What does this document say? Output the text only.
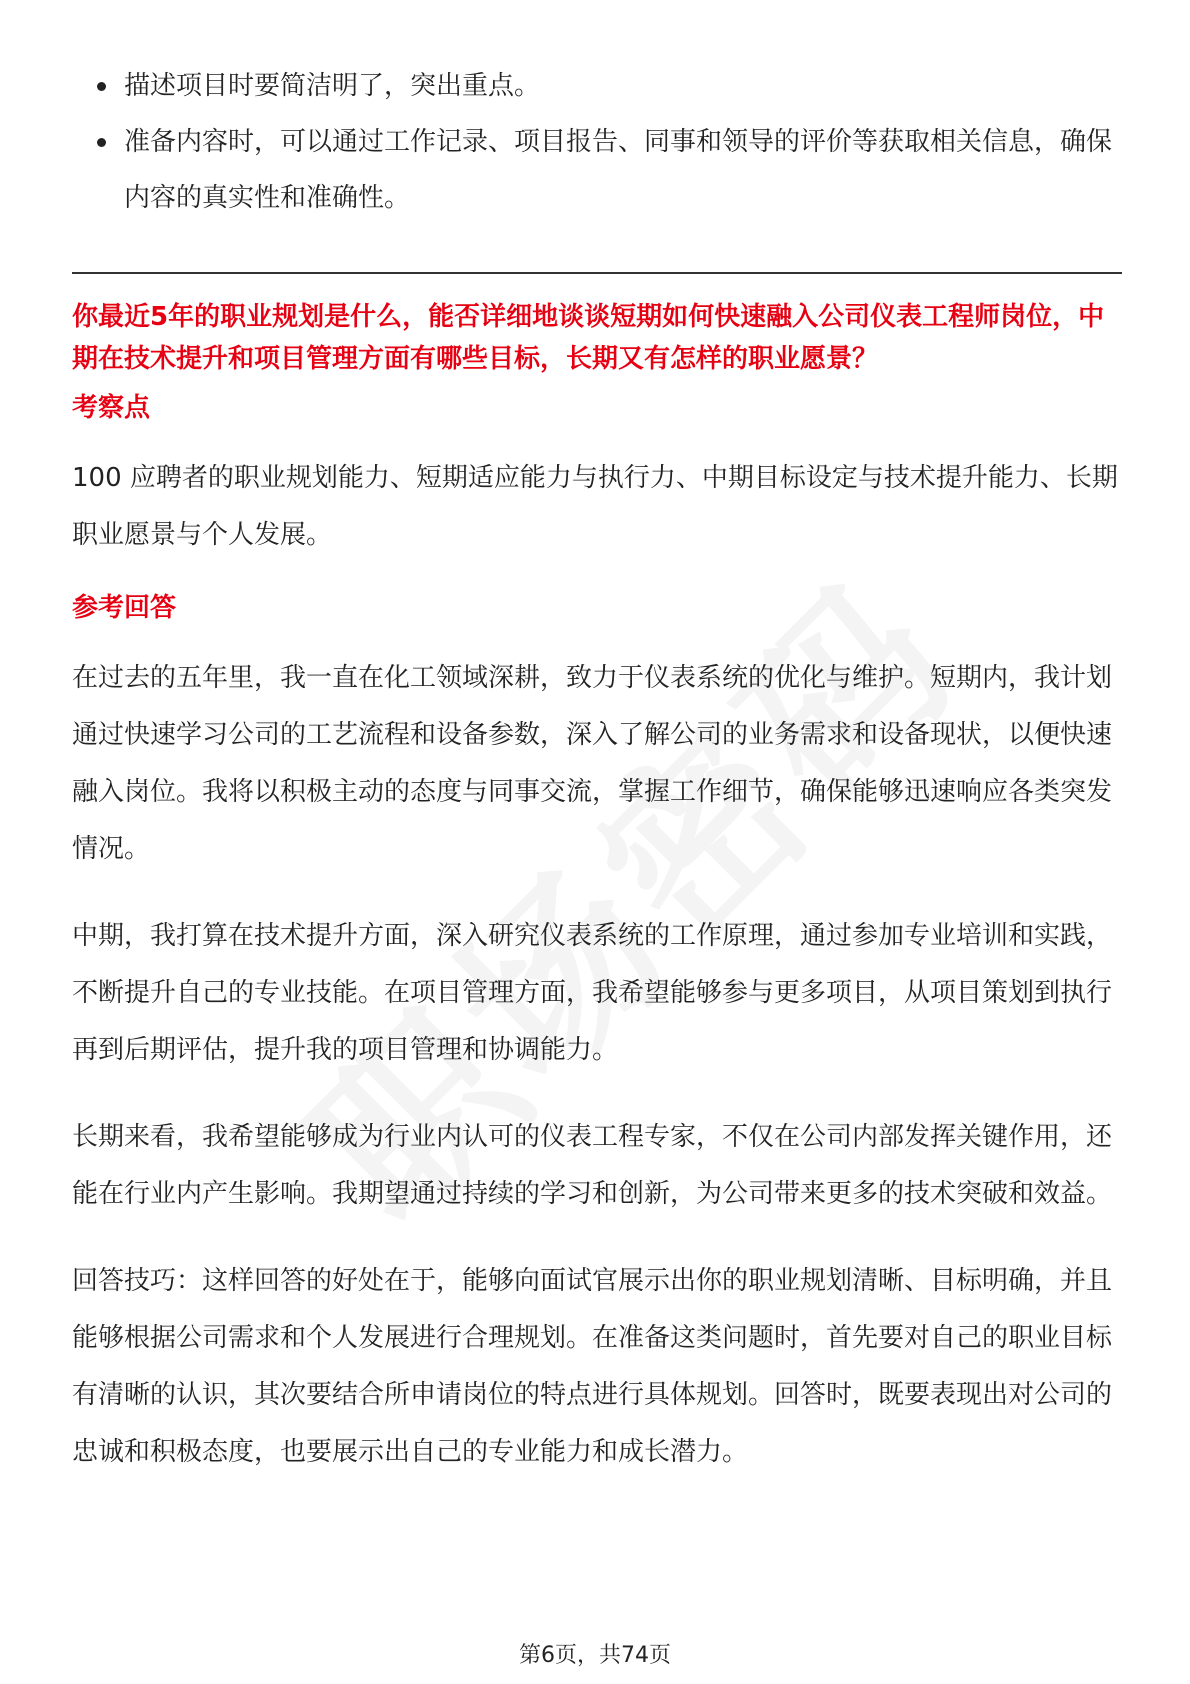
描述项目时要简洁明了，突出重点。
准备内容时，可以通过工作记录、项目报告、同事和领导的评价等获取相关信息，确保内容的真实性和准确性。

你最近5年的职业规划是什么，能否详细地谈谈短期如何快速融入公司仪表工程师岗位，中期在技术提升和项目管理方面有哪些目标，长期又有怎样的职业愿景？

考察点

100 应聘者的职业规划能力、短期适应能力与执行力、中期目标设定与技术提升能力、长期职业愿景与个人发展。

参考回答

在过去的五年里，我一直在化工领域深耕，致力于仪表系统的优化与维护。短期内，我计划通过快速学习公司的工艺流程和设备参数，深入了解公司的业务需求和设备现状，以便快速融入岗位。我将以积极主动的态度与同事交流，掌握工作细节，确保能够迅速响应各类突发情况。

中期，我打算在技术提升方面，深入研究仪表系统的工作原理，通过参加专业培训和实践，不断提升自己的专业技能。在项目管理方面，我希望能够参与更多项目，从项目策划到执行再到后期评估，提升我的项目管理和协调能力。

长期来看，我希望能够成为行业内认可的仪表工程专家，不仅在公司内部发挥关键作用，还能在行业内产生影响。我期望通过持续的学习和创新，为公司带来更多的技术突破和效益。

回答技巧：这样回答的好处在于，能够向面试官展示出你的职业规划清晰、目标明确，并且能够根据公司需求和个人发展进行合理规划。在准备这类问题时，首先要对自己的职业目标有清晰的认识，其次要结合所申请岗位的特点进行具体规划。回答时，既要表现出对公司的忠诚和积极态度，也要展示出自己的专业能力和成长潜力。

第6页，共74页
